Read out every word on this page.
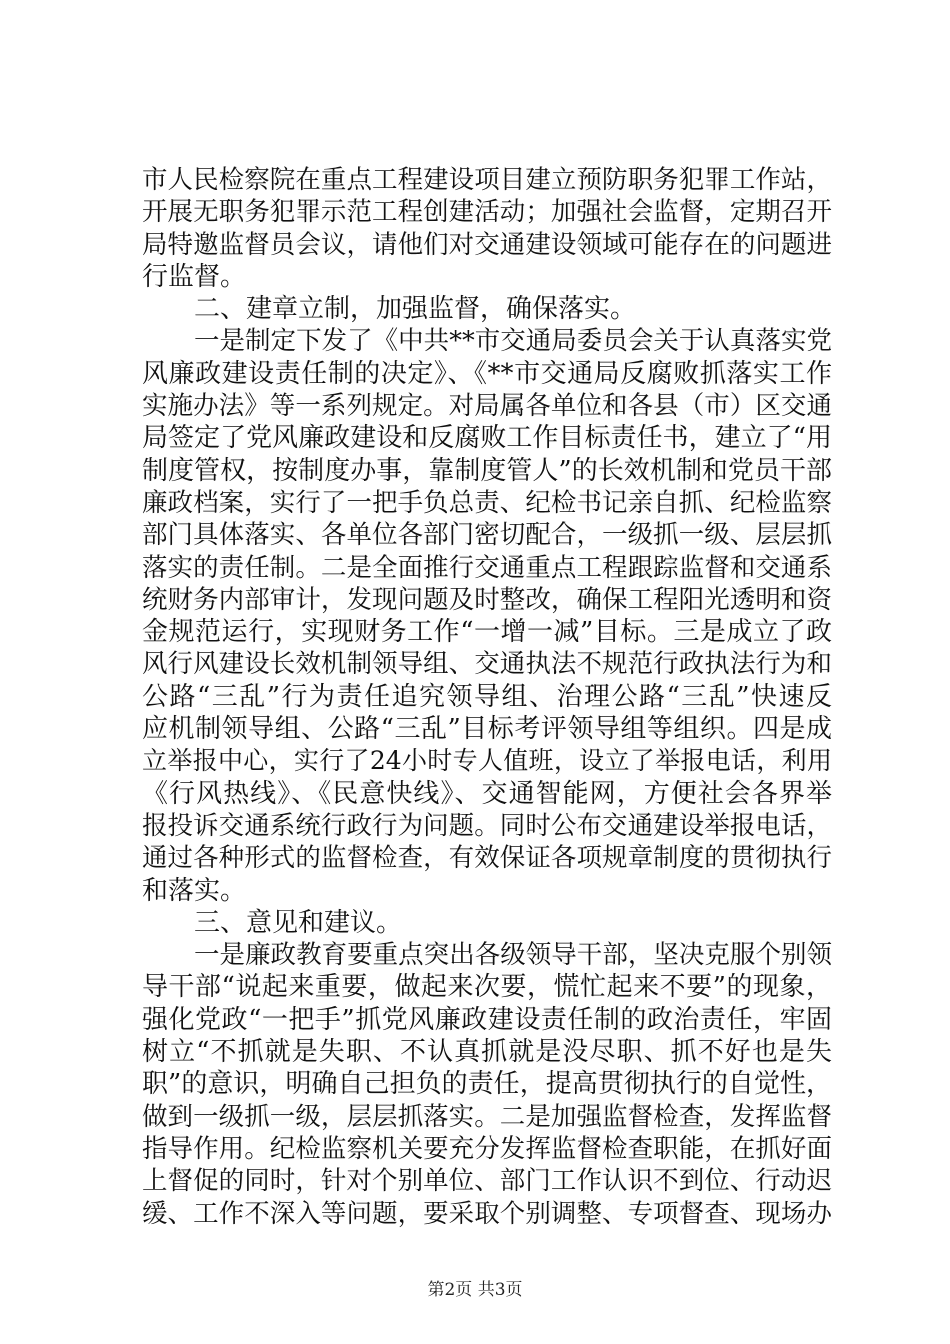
市人民检察院在重点工程建设项目建立预防职务犯罪工作站，
开展无职务犯罪示范工程创建活动；加强社会监督，定期召开
局特邀监督员会议，请他们对交通建设领域可能存在的问题进
行监督。
二、建章立制，加强监督，确保落实。
一是制定下发了《中共**市交通局委员会关于认真落实党
风廉政建设责任制的决定》、《**市交通局反腐败抓落实工作
实施办法》等一系列规定。对局属各单位和各县（市）区交通
局签定了党风廉政建设和反腐败工作目标责任书，建立了“用
制度管权，按制度办事，靠制度管人”的长效机制和党员干部
廉政档案，实行了一把手负总责、纪检书记亲自抓、纪检监察
部门具体落实、各单位各部门密切配合，一级抓一级、层层抓
落实的责任制。二是全面推行交通重点工程跟踪监督和交通系
统财务内部审计，发现问题及时整改，确保工程阳光透明和资
金规范运行，实现财务工作“一增一减”目标。三是成立了政
风行风建设长效机制领导组、交通执法不规范行政执法行为和
公路“三乱”行为责任追究领导组、治理公路“三乱”快速反
应机制领导组、公路“三乱”目标考评领导组等组织。四是成
立举报中心，实行了24小时专人值班，设立了举报电话，利用
《行风热线》、《民意快线》、交通智能网，方便社会各界举
报投诉交通系统行政行为问题。同时公布交通建设举报电话，
通过各种形式的监督检查，有效保证各项规章制度的贯彻执行
和落实。
三、意见和建议。
一是廉政教育要重点突出各级领导干部，坚决克服个别领
导干部“说起来重要，做起来次要，慌忙起来不要”的现象，
强化党政“一把手”抓党风廉政建设责任制的政治责任，牢固
树立“不抓就是失职、不认真抓就是没尽职、抓不好也是失
职”的意识，明确自己担负的责任，提高贯彻执行的自觉性，
做到一级抓一级，层层抓落实。二是加强监督检查，发挥监督
指导作用。纪检监察机关要充分发挥监督检查职能，在抓好面
上督促的同时，针对个别单位、部门工作认识不到位、行动迟
缓、工作不深入等问题，要采取个别调整、专项督查、现场办
第2页 共3页
